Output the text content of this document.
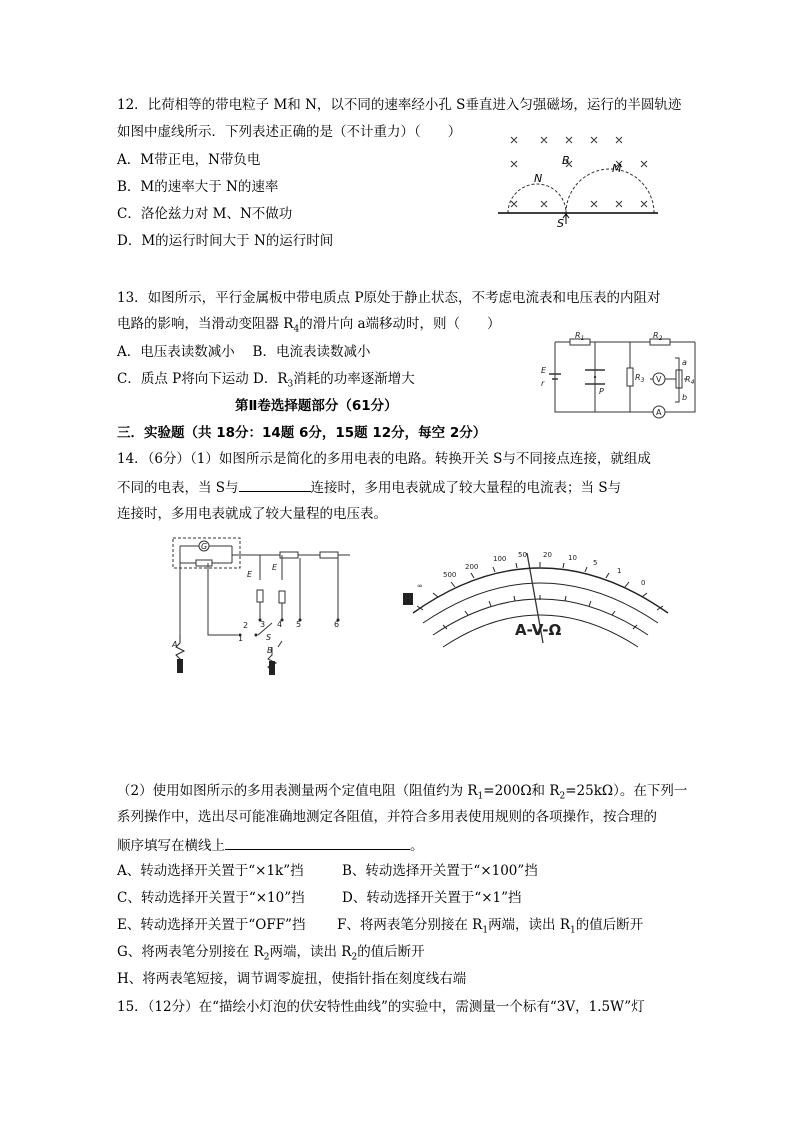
12．比荷相等的带电粒子 M和 N，以不同的速率经小孔 S垂直进入匀强磁场，运行的半圆轨迹
如图中虚线所示．下列表述正确的是（不计重力）（　　）
A．M带正电，N带负电
B．M的速率大于 N的速率
C．洛伦兹力对 M、N不做功
D．M的运行时间大于 N的运行时间
B
M
N
S
13．如图所示，平行金属板中带电质点 P原处于静止状态，不考虑电流表和电压表的内阻对
电路的影响，当滑动变阻器 $R_4$的滑片向 a端移动时，则（　　）
A．电压表读数减小　 B．电流表读数减小
C．质点 P将向下运动 D．$R_3$消耗的功率逐渐增大
$R_1$	$R_2$
$R_3$	$R_4$
E
r
P
V
A
a
b
第Ⅱ卷选择题部分（61分）
三．实验题（共 18分：14题 6分，15题 12分，每空 2分）
14．（6分）（1）如图所示是简化的多用电表的电路。转换开关 S与不同接点连接，就组成
不同的电表，当 S与	连接时，多用电表就成了较大量程的电流表；当 S与
连接时，多用电表就成了较大量程的电压表。
G
A
B
S
E
E
1
2 3 4 5	6
∞
500
200
100 50 20 10
5
1
0
A-V-Ω
（2）使用如图所示的多用表测量两个定值电阻（阻值约为 $R_1=200\Omega$和 $R_2=25k\Omega$）。在下列一
系列操作中，选出尽可能准确地测定各阻值，并符合多用表使用规则的各项操作，按合理的
顺序填写在横线上	。
A、转动选择开关置于“×1k”挡	B、转动选择开关置于“×100”挡
C、转动选择开关置于“×10”挡	D、转动选择开关置于“×1”挡
E、转动选择开关置于“OFF”挡 F、将两表笔分别接在 $R_1$两端，读出 $R_1$的值后断开
G、将两表笔分别接在 $R_2$两端，读出 $R_2$的值后断开
H、将两表笔短接，调节调零旋扭，使指针指在刻度线右端
15．（12分）在“描绘小灯泡的伏安特性曲线”的实验中，需测量一个标有“3V，1.5W”灯
